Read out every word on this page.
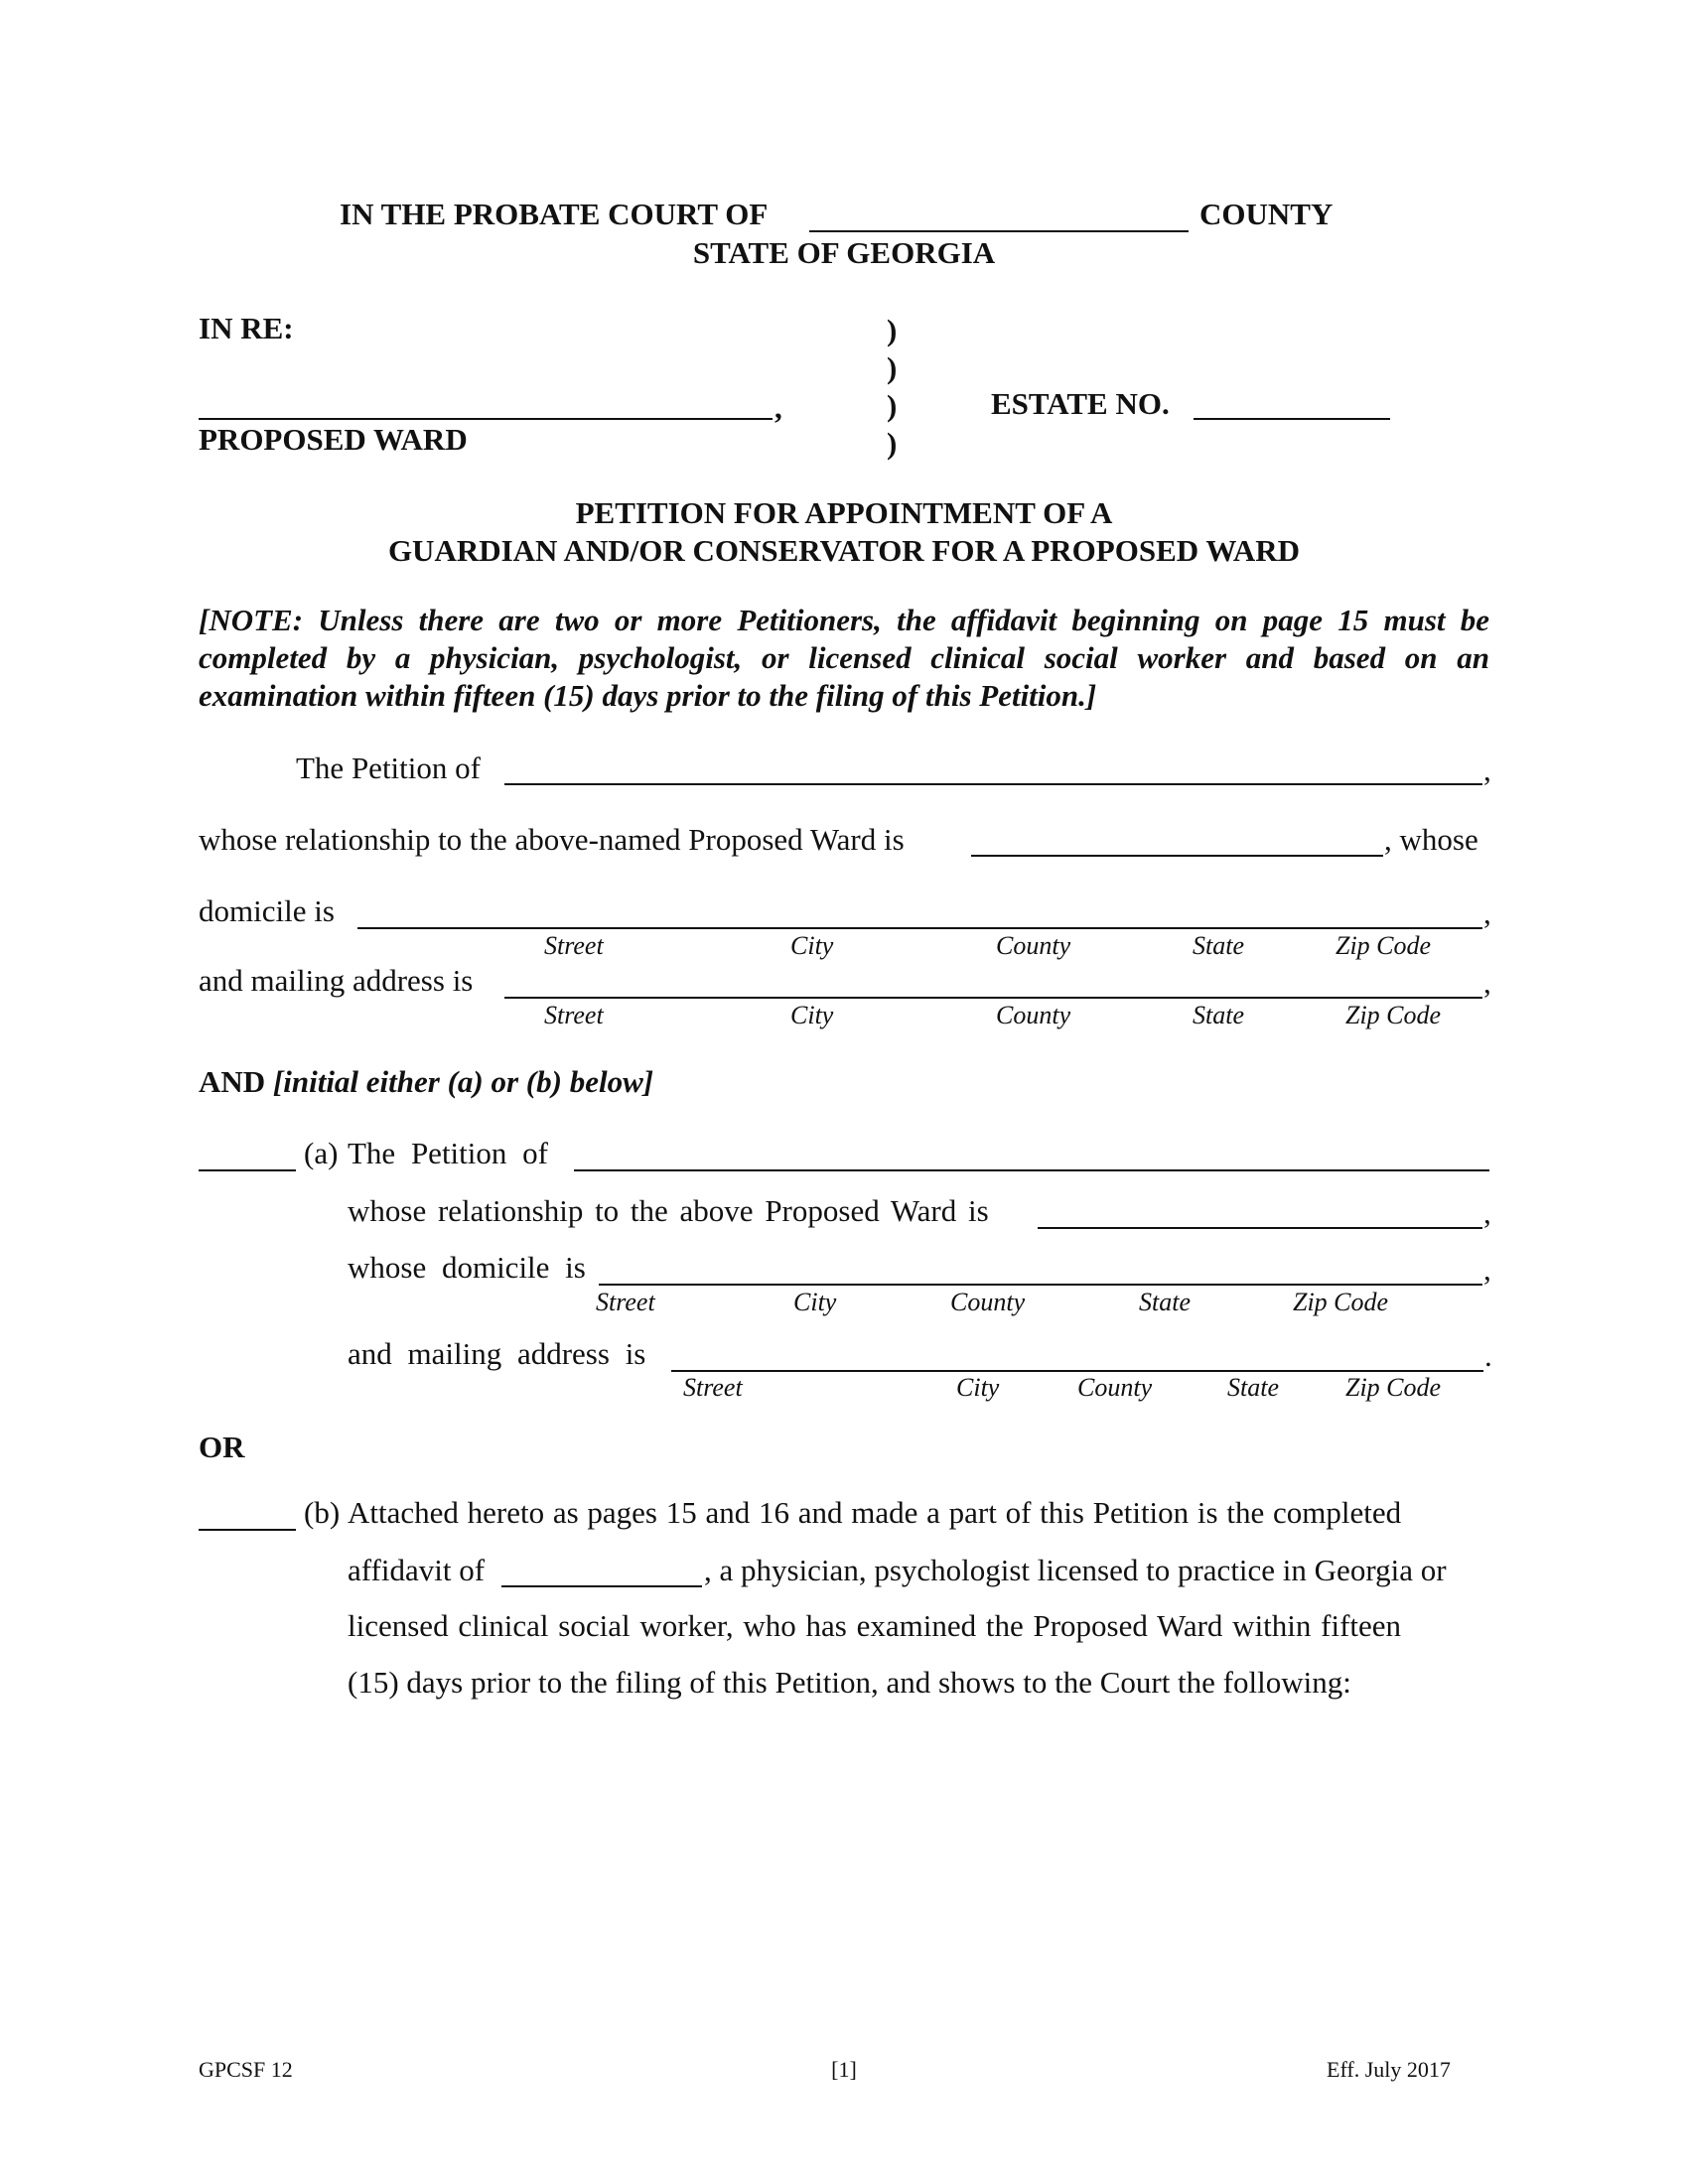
IN THE PROBATE COURT OF	COUNTY
STATE OF GEORGIA
IN RE:
,
PROPOSED WARD
)
)
)
)
ESTATE NO.
PETITION FOR APPOINTMENT OF A
GUARDIAN AND/OR CONSERVATOR FOR A PROPOSED WARD
[NOTE: Unless there are two or more Petitioners, the affidavit beginning on page 15 must be completed by a physician, psychologist, or licensed clinical social worker and based on an examination within fifteen (15) days prior to the filing of this Petition.]
The Petition of	,
whose relationship to the above-named Proposed Ward is	, whose
domicile is	,
Street	City	County	State	Zip Code
and mailing address is	,
Street	City	County	State	Zip Code
AND [initial either (a) or (b) below]
(a) The Petition of
whose relationship to the above Proposed Ward is	,
whose domicile is	,
Street	City	County	State	Zip Code
and mailing address is	.
Street	City	County	State	Zip Code
OR
(b) Attached hereto as pages 15 and 16 and made a part of this Petition is the completed
affidavit of	, a physician, psychologist licensed to practice in Georgia or
licensed clinical social worker, who has examined the Proposed Ward within fifteen
(15) days prior to the filing of this Petition, and shows to the Court the following:
GPCSF 12	[1]	Eff. July 2017
